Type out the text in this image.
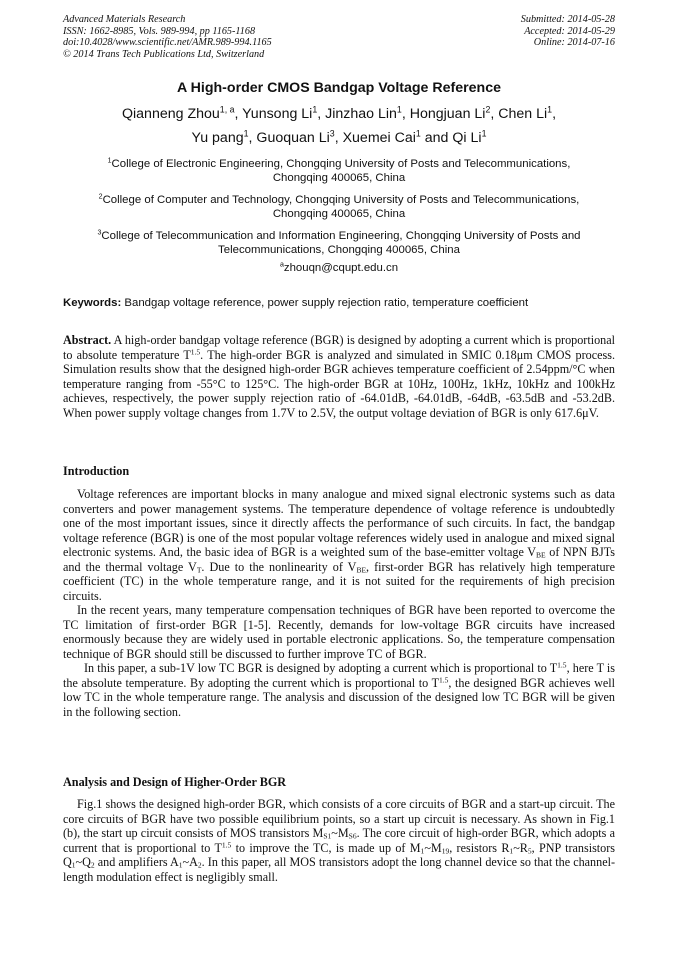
Advanced Materials Research
ISSN: 1662-8985, Vols. 989-994, pp 1165-1168
doi:10.4028/www.scientific.net/AMR.989-994.1165
© 2014 Trans Tech Publications Ltd, Switzerland
Submitted: 2014-05-28
Accepted: 2014-05-29
Online: 2014-07-16
A High-order CMOS Bandgap Voltage Reference
Qianneng Zhou$^{1, a}$, Yunsong Li$^1$, Jinzhao Lin$^1$, Hongjuan Li$^2$, Chen Li$^1$,
Yu pang$^1$, Guoquan Li$^3$, Xuemei Cai$^1$ and Qi Li$^1$
$^1$College of Electronic Engineering, Chongqing University of Posts and Telecommunications,
Chongqing 400065, China
$^2$College of Computer and Technology, Chongqing University of Posts and Telecommunications,
Chongqing 400065, China
$^3$College of Telecommunication and Information Engineering, Chongqing University of Posts and
Telecommunications, Chongqing 400065, China
$^a$zhouqn@cqupt.edu.cn
Keywords: Bandgap voltage reference, power supply rejection ratio, temperature coefficient

Abstract. A high-order bandgap voltage reference (BGR) is designed by adopting a current which is proportional to absolute temperature $T^{1.5}$. The high-order BGR is analyzed and simulated in SMIC 0.18μm CMOS process. Simulation results show that the designed high-order BGR achieves temperature coefficient of 2.54ppm/°C when temperature ranging from -55°C to 125°C. The high-order BGR at 10Hz, 100Hz, 1kHz, 10kHz and 100kHz achieves, respectively, the power supply rejection ratio of -64.01dB, -64.01dB, -64dB, -63.5dB and -53.2dB. When power supply voltage changes from 1.7V to 2.5V, the output voltage deviation of BGR is only 617.6μV.

Introduction

Voltage references are important blocks in many analogue and mixed signal electronic systems such as data converters and power management systems. The temperature dependence of voltage reference is undoubtedly one of the most important issues, since it directly affects the performance of such circuits. In fact, the bandgap voltage reference (BGR) is one of the most popular voltage references widely used in analogue and mixed signal electronic systems. And, the basic idea of BGR is a weighted sum of the base-emitter voltage $V_{BE}$ of NPN BJTs and the thermal voltage $V_T$. Due to the nonlinearity of $V_{BE}$, first-order BGR has relatively high temperature coefficient (TC) in the whole temperature range, and it is not suited for the requirements of high precision circuits.

In the recent years, many temperature compensation techniques of BGR have been reported to overcome the TC limitation of first-order BGR [1-5]. Recently, demands for low-voltage BGR circuits have increased enormously because they are widely used in portable electronic applications. So, the temperature compensation technique of BGR should still be discussed to further improve TC of BGR.

In this paper, a sub-1V low TC BGR is designed by adopting a current which is proportional to $T^{1.5}$, here T is the absolute temperature. By adopting the current which is proportional to $T^{1.5}$, the designed BGR achieves well low TC in the whole temperature range. The analysis and discussion of the designed low TC BGR will be given in the following section.

Analysis and Design of Higher-Order BGR

Fig.1 shows the designed high-order BGR, which consists of a core circuits of BGR and a start-up circuit. The core circuits of BGR have two possible equilibrium points, so a start up circuit is necessary. As shown in Fig.1 (b), the start up circuit consists of MOS transistors $M_{S1}\sim M_{S6}$. The core circuit of high-order BGR, which adopts a current that is proportional to $T^{1.5}$ to improve the TC, is made up of $M_1\sim M_{19}$, resistors $R_1\sim R_5$, PNP transistors $Q_1\sim Q_2$ and amplifiers $A_1\sim A_2$. In this paper, all MOS transistors adopt the long channel device so that the channel-length modulation effect is negligibly small.
